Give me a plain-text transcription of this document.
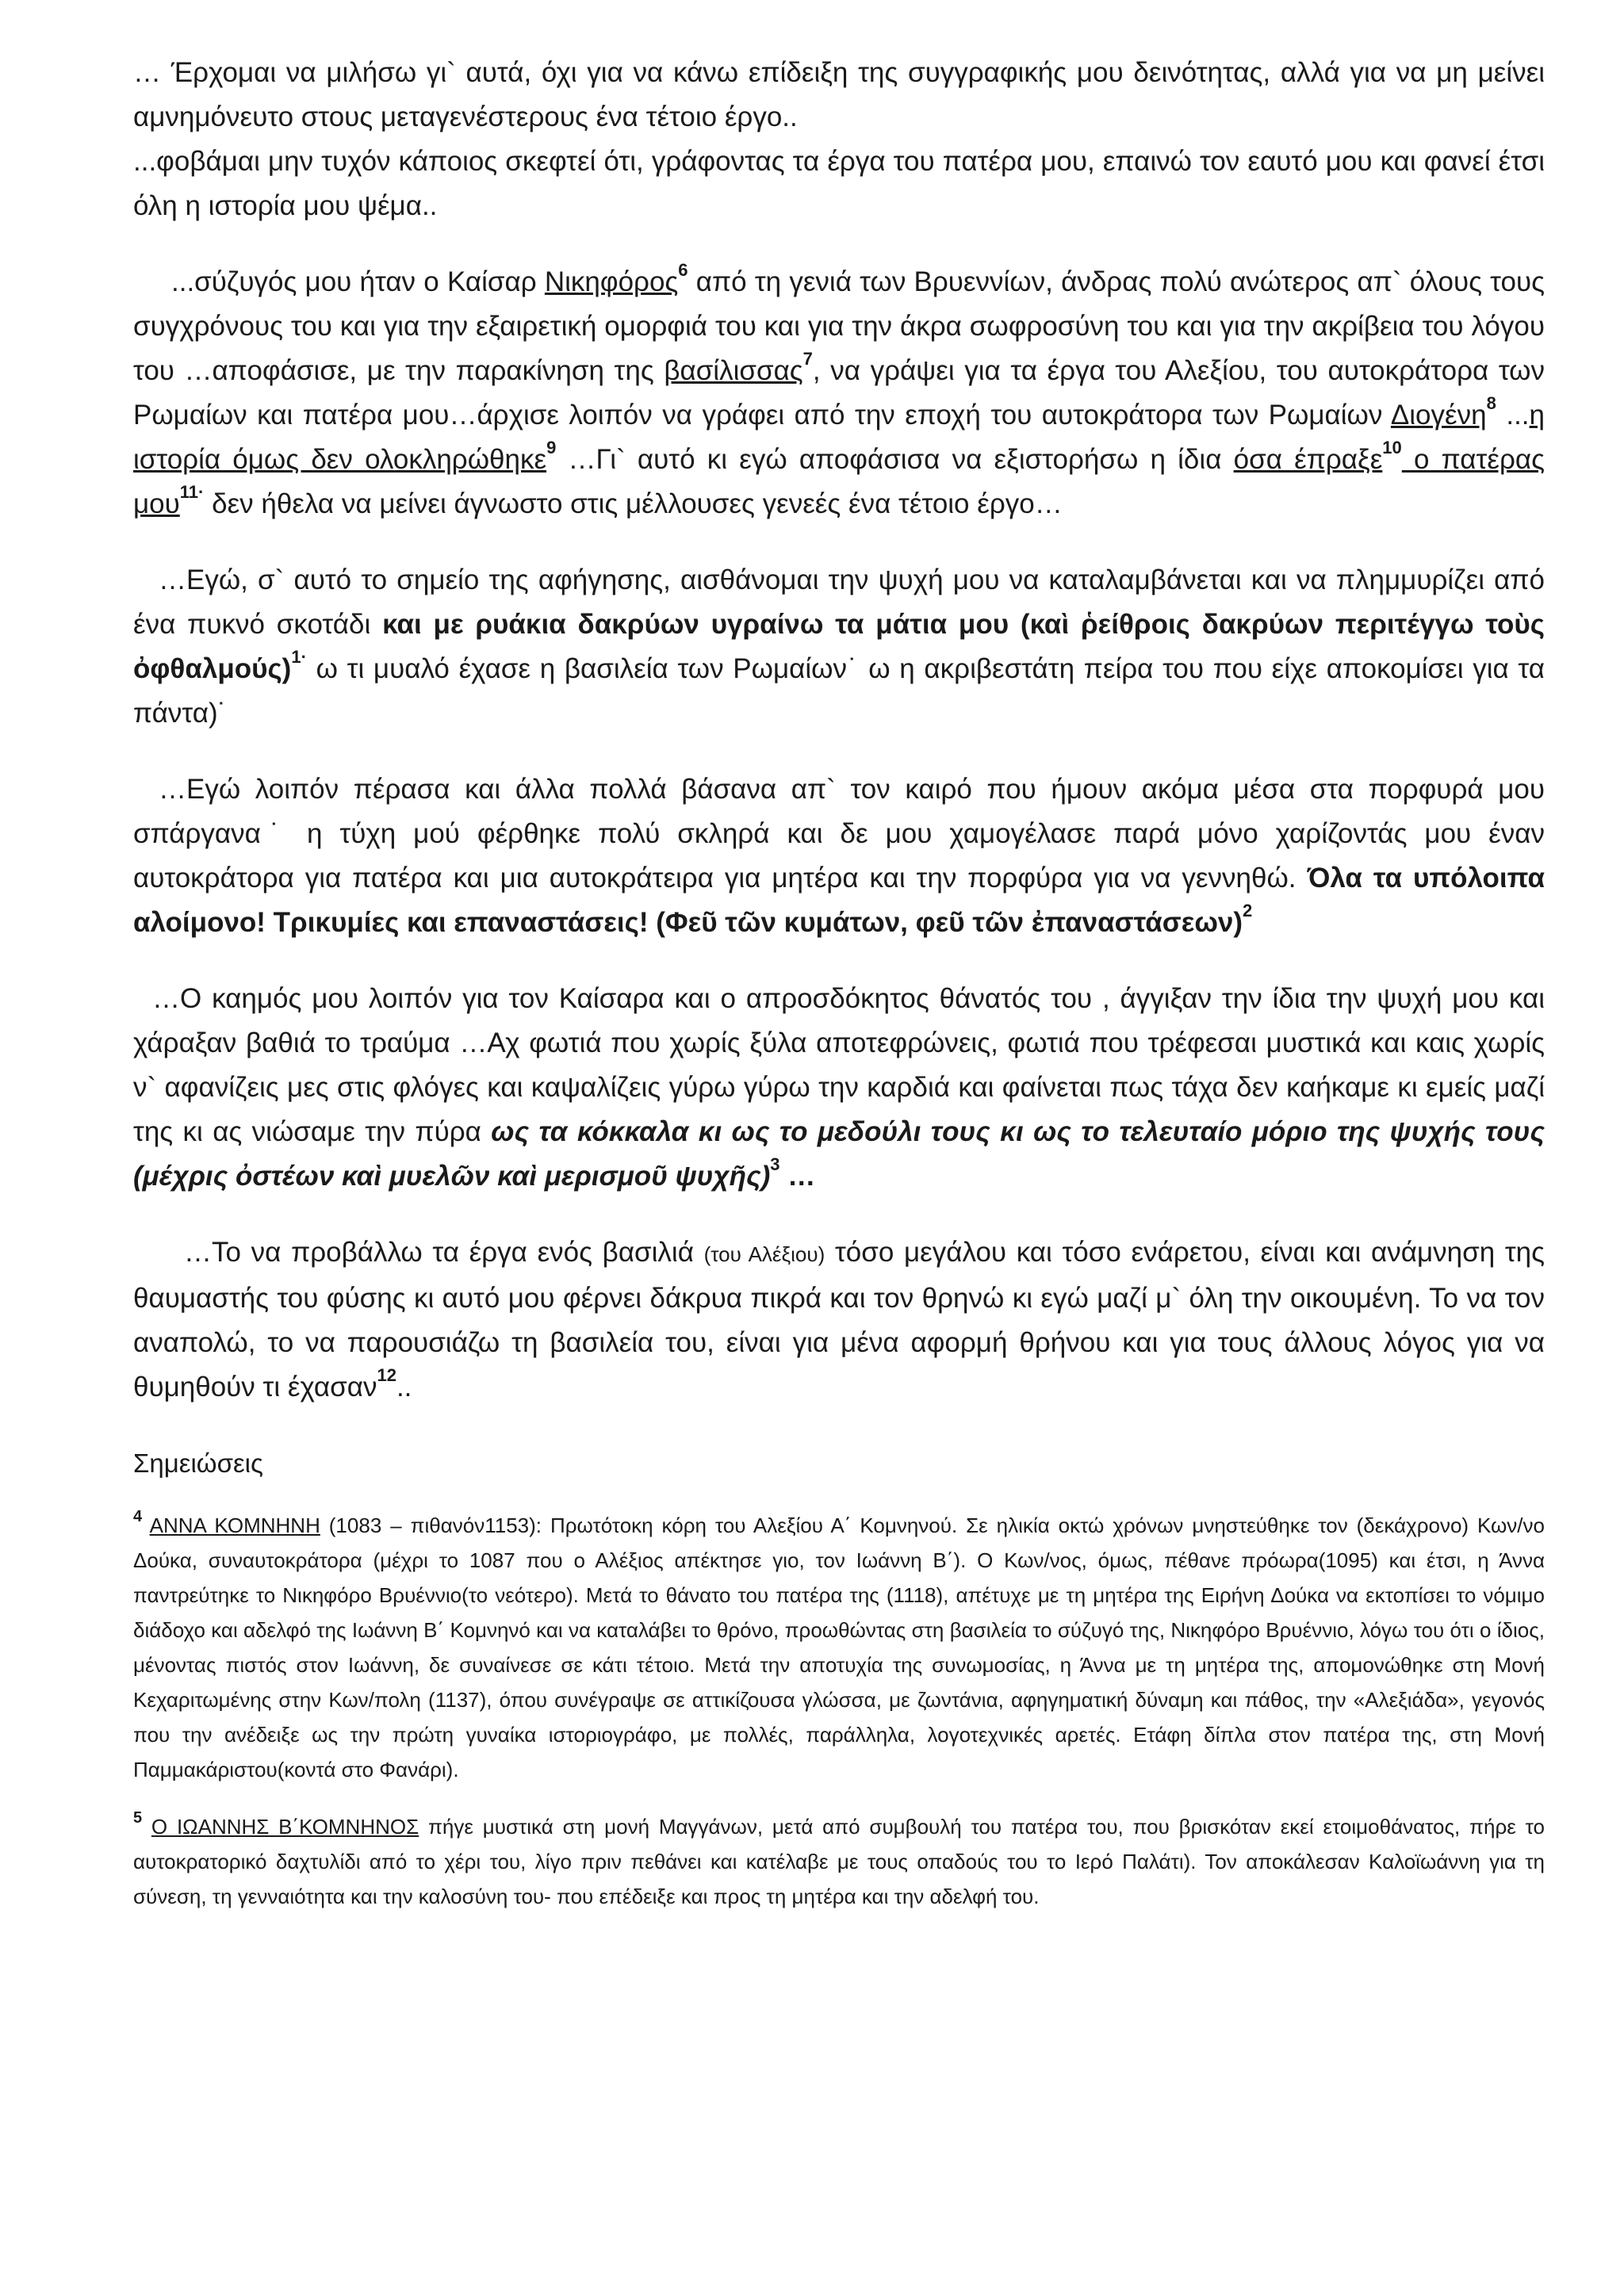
… Έρχομαι να μιλήσω γι` αυτά, όχι για να κάνω επίδειξη της συγγραφικής μου δεινότητας, αλλά για να μη μείνει αμνημόνευτο στους μεταγενέστερους ένα τέτοιο έργο..

...φοβάμαι μην τυχόν κάποιος σκεφτεί ότι, γράφοντας τα έργα του πατέρα μου, επαινώ τον εαυτό μου και φανεί έτσι όλη η ιστορία μου ψέμα..

...σύζυγός μου ήταν ο Καίσαρ Νικηφόρος$^6$ από τη γενιά των Βρυεννίων, άνδρας πολύ ανώτερος απ` όλους τους συγχρόνους του και για την εξαιρετική ομορφιά του και για την άκρα σωφροσύνη του και για την ακρίβεια του λόγου του …αποφάσισε, με την παρακίνηση της βασίλισσας$^7$, να γράψει για τα έργα του Αλεξίου, του αυτοκράτορα των Ρωμαίων και πατέρα μου…άρχισε λοιπόν να γράφει από την εποχή του αυτοκράτορα των Ρωμαίων Διογένη$^8$ ...η ιστορία όμως δεν ολοκληρώθηκε$^9$ …Γι` αυτό κι εγώ αποφάσισα να εξιστορήσω η ίδια όσα έπραξε$^{10}$ ο πατέρας μου$^{11\cdot}$ δεν ήθελα να μείνει άγνωστο στις μέλλουσες γενεές ένα τέτοιο έργο…

…Εγώ, σ` αυτό το σημείο της αφήγησης, αισθάνομαι την ψυχή μου να καταλαμβάνεται και να πλημμυρίζει από ένα πυκνό σκοτάδι και με ρυάκια δακρύων υγραίνω τα μάτια μου (καὶ ῥείθροις δακρύων περιτέγγω τοὺς ὀφθαλμούς)$^{1\cdot}$ ω τι μυαλό έχασε η βασιλεία των Ρωμαίων˙ ω η ακριβεστάτη πείρα του που είχε αποκομίσει για τα πάντα)˙

…Εγώ λοιπόν πέρασα και άλλα πολλά βάσανα απ` τον καιρό που ήμουν ακόμα μέσα στα πορφυρά μου σπάργανα˙ η τύχη μού φέρθηκε πολύ σκληρά και δε μου χαμογέλασε παρά μόνο χαρίζοντάς μου έναν αυτοκράτορα για πατέρα και μια αυτοκράτειρα για μητέρα και την πορφύρα για να γεννηθώ. Όλα τα υπόλοιπα αλοίμονο! Τρικυμίες και επαναστάσεις! (Φεῦ τῶν κυμάτων, φεῦ τῶν ἐπαναστάσεων)$^2$

…Ο καημός μου λοιπόν για τον Καίσαρα και ο απροσδόκητος θάνατός του , άγγιξαν την ίδια την ψυχή μου και χάραξαν βαθιά το τραύμα …Αχ φωτιά που χωρίς ξύλα αποτεφρώνεις, φωτιά που τρέφεσαι μυστικά και καις χωρίς ν` αφανίζεις μες στις φλόγες και καψαλίζεις γύρω γύρω την καρδιά και φαίνεται πως τάχα δεν καήκαμε κι εμείς μαζί της κι ας νιώσαμε την πύρα ως τα κόκκαλα κι ως το μεδούλι τους κι ως το τελευταίο μόριο της ψυχής τους (μέχρις ὀστέων καὶ μυελῶν καὶ μερισμοῦ ψυχῆς)$^3$ …

…Το να προβάλλω τα έργα ενός βασιλιά (του Αλέξιου) τόσο μεγάλου και τόσο ενάρετου, είναι και ανάμνηση της θαυμαστής του φύσης κι αυτό μου φέρνει δάκρυα πικρά και τον θρηνώ κι εγώ μαζί μ` όλη την οικουμένη. Το να τον αναπολώ, το να παρουσιάζω τη βασιλεία του, είναι για μένα αφορμή θρήνου και για τους άλλους λόγος για να θυμηθούν τι έχασαν$^{12}$..

Σημειώσεις

$^4$ ΑΝΝΑ ΚΟΜΝΗΝΗ (1083 – πιθανόν1153): Πρωτότοκη κόρη του Αλεξίου Α΄ Κομνηνού. Σε ηλικία οκτώ χρόνων μνηστεύθηκε τον (δεκάχρονο) Κων/νο Δούκα, συναυτοκράτορα (μέχρι το 1087 που ο Αλέξιος απέκτησε γιο, τον Ιωάννη Β΄). Ο Κων/νος, όμως, πέθανε πρόωρα(1095) και έτσι, η Άννα παντρεύτηκε το Νικηφόρο Βρυέννιο(το νεότερο). Μετά το θάνατο του πατέρα της (1118), απέτυχε με τη μητέρα της Ειρήνη Δούκα να εκτοπίσει το νόμιμο διάδοχο και αδελφό της Ιωάννη Β΄ Κομνηνό και να καταλάβει το θρόνο, προωθώντας στη βασιλεία το σύζυγό της, Νικηφόρο Βρυέννιο, λόγω του ότι ο ίδιος, μένοντας πιστός στον Ιωάννη, δε συναίνεσε σε κάτι τέτοιο. Μετά την αποτυχία της συνωμοσίας, η Άννα με τη μητέρα της, απομονώθηκε στη Μονή Κεχαριτωμένης στην Κων/πολη (1137), όπου συνέγραψε σε αττικίζουσα γλώσσα, με ζωντάνια, αφηγηματική δύναμη και πάθος, την «Αλεξιάδα», γεγονός που την ανέδειξε ως την πρώτη γυναίκα ιστοριογράφο, με πολλές, παράλληλα, λογοτεχνικές αρετές. Ετάφη δίπλα στον πατέρα της, στη Μονή Παμμακάριστου(κοντά στο Φανάρι).

$^5$ Ο ΙΩΑΝΝΗΣ Β΄ΚΟΜΝΗΝΟΣ πήγε μυστικά στη μονή Μαγγάνων, μετά από συμβουλή του πατέρα του, που βρισκόταν εκεί ετοιμοθάνατος, πήρε το αυτοκρατορικό δαχτυλίδι από το χέρι του, λίγο πριν πεθάνει και κατέλαβε με τους οπαδούς του το Ιερό Παλάτι). Τον αποκάλεσαν Καλοϊωάννη για τη σύνεση, τη γενναιότητα και την καλοσύνη του- που επέδειξε και προς τη μητέρα και την αδελφή του.
